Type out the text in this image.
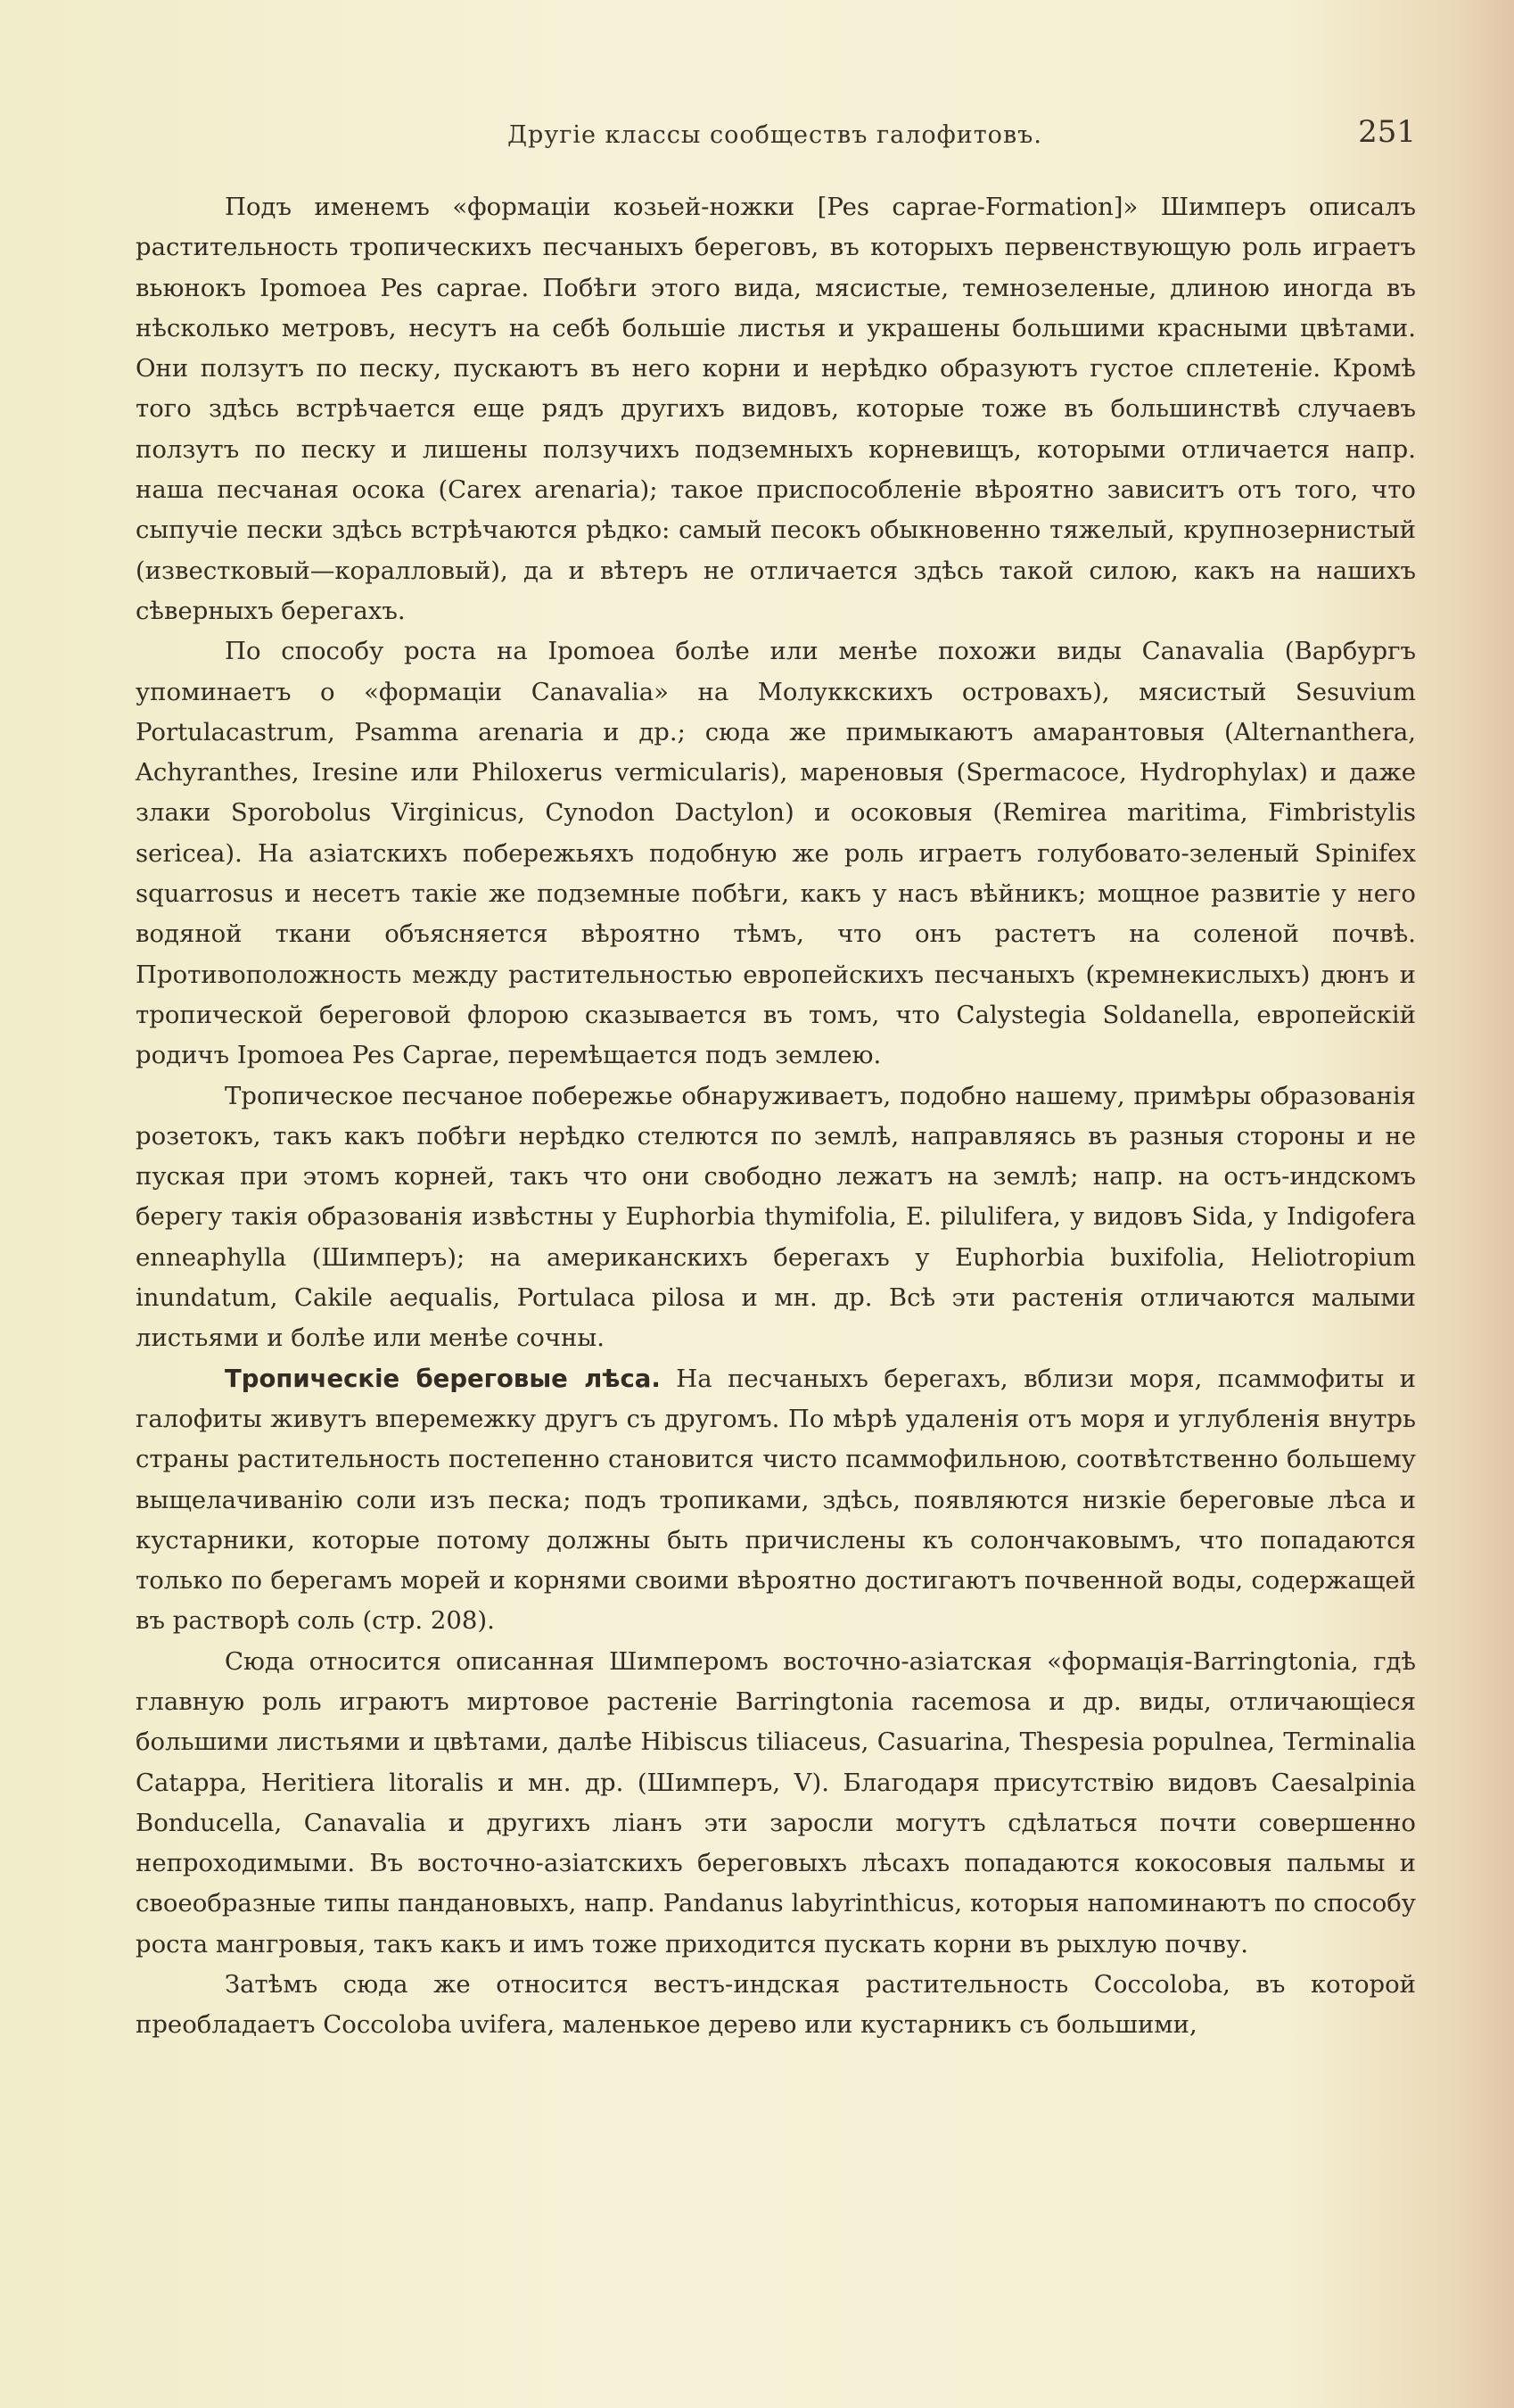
Другіе классы сообществъ галофитовъ.	251

Подъ именемъ «формаціи козьей-ножки [Pes caprae-Formation]» Шимперъ описалъ растительность тропическихъ песчаныхъ береговъ, въ которыхъ первенствующую роль играетъ вьюнокъ Ipomoea Pes caprae. Побѣги этого вида, мясистые, темнозеленые, длиною иногда въ нѣсколько метровъ, несутъ на себѣ большіе листья и украшены большими красными цвѣтами. Они ползутъ по песку, пускаютъ въ него корни и нерѣдко образуютъ густое сплетеніе. Кромѣ того здѣсь встрѣчается еще рядъ другихъ видовъ, которые тоже въ большинствѣ случаевъ ползутъ по песку и лишены ползучихъ подземныхъ корневищъ, которыми отличается напр. наша песчаная осока (Carex arenaria); такое приспособленіе вѣроятно зависитъ отъ того, что сыпучіе пески здѣсь встрѣчаются рѣдко: самый песокъ обыкновенно тяжелый, крупнозернистый (известковый—коралловый), да и вѣтеръ не отличается здѣсь такой силою, какъ на нашихъ сѣверныхъ берегахъ.

По способу роста на Ipomoea болѣе или менѣе похожи виды Canavalia (Варбургъ упоминаетъ о «формаціи Canavalia» на Молуккскихъ островахъ), мясистый Sesuvium Portulacastrum, Psamma arenaria и др.; сюда же примыкаютъ амарантовыя (Alternanthera, Achyranthes, Iresine или Philoxerus vermicularis), мареновыя (Spermacoce, Hydrophylax) и даже злаки Sporobolus Virginicus, Cynodon Dactylon) и осоковыя (Remirea maritima, Fimbristylis sericea). На азіатскихъ побережьяхъ подобную же роль играетъ голубовато-зеленый Spinifex squarrosus и несетъ такіе же подземные побѣги, какъ у насъ вѣйникъ; мощное развитіе у него водяной ткани объясняется вѣроятно тѣмъ, что онъ растетъ на соленой почвѣ. Противоположность между растительностью европейскихъ песчаныхъ (кремнекислыхъ) дюнъ и тропической береговой флорою сказывается въ томъ, что Calystegia Soldanella, европейскій родичъ Ipomoea Pes Caprae, перемѣщается подъ землею.

Тропическое песчаное побережье обнаруживаетъ, подобно нашему, примѣры образованія розетокъ, такъ какъ побѣги нерѣдко стелются по землѣ, направляясь въ разныя стороны и не пуская при этомъ корней, такъ что они свободно лежатъ на землѣ; напр. на остъ-индскомъ берегу такія образованія извѣстны у Euphorbia thymifolia, E. pilulifera, у видовъ Sida, у Indigofera enneaphylla (Шимперъ); на американскихъ берегахъ у Euphorbia buxifolia, Heliotropium inundatum, Cakile aequalis, Portulaca pilosa и мн. др. Всѣ эти растенія отличаются малыми листьями и болѣе или менѣе сочны.

Тропическіе береговые лѣса. На песчаныхъ берегахъ, вблизи моря, псаммофиты и галофиты живутъ вперемежку другъ съ другомъ. По мѣрѣ удаленія отъ моря и углубленія внутрь страны растительность постепенно становится чисто псаммофильною, соотвѣтственно большему выщелачиванію соли изъ песка; подъ тропиками, здѣсь, появляются низкіе береговые лѣса и кустарники, которые потому должны быть причислены къ солончаковымъ, что попадаются только по берегамъ морей и корнями своими вѣроятно достигаютъ почвенной воды, содержащей въ растворѣ соль (стр. 208).

Сюда относится описанная Шимперомъ восточно-азіатская «формація-Barringtonia, гдѣ главную роль играютъ миртовое растеніе Barringtonia racemosa и др. виды, отличающіеся большими листьями и цвѣтами, далѣе Hibiscus tiliaceus, Casuarina, Thespesia populnea, Terminalia Catappa, Heritiera litoralis и мн. др. (Шимперъ, V). Благодаря присутствію видовъ Caesalpinia Bonducella, Canavalia и другихъ ліанъ эти заросли могутъ сдѣлаться почти совершенно непроходимыми. Въ восточно-азіатскихъ береговыхъ лѣсахъ попадаются кокосовыя пальмы и своеобразные типы пандановыхъ, напр. Pandanus labyrinthicus, которыя напоминаютъ по способу роста мангровыя, такъ какъ и имъ тоже приходится пускать корни въ рыхлую почву.

Затѣмъ сюда же относится вестъ-индская растительность Coccoloba, въ которой преобладаетъ Coccoloba uvifera, маленькое дерево или кустарникъ съ большими,
